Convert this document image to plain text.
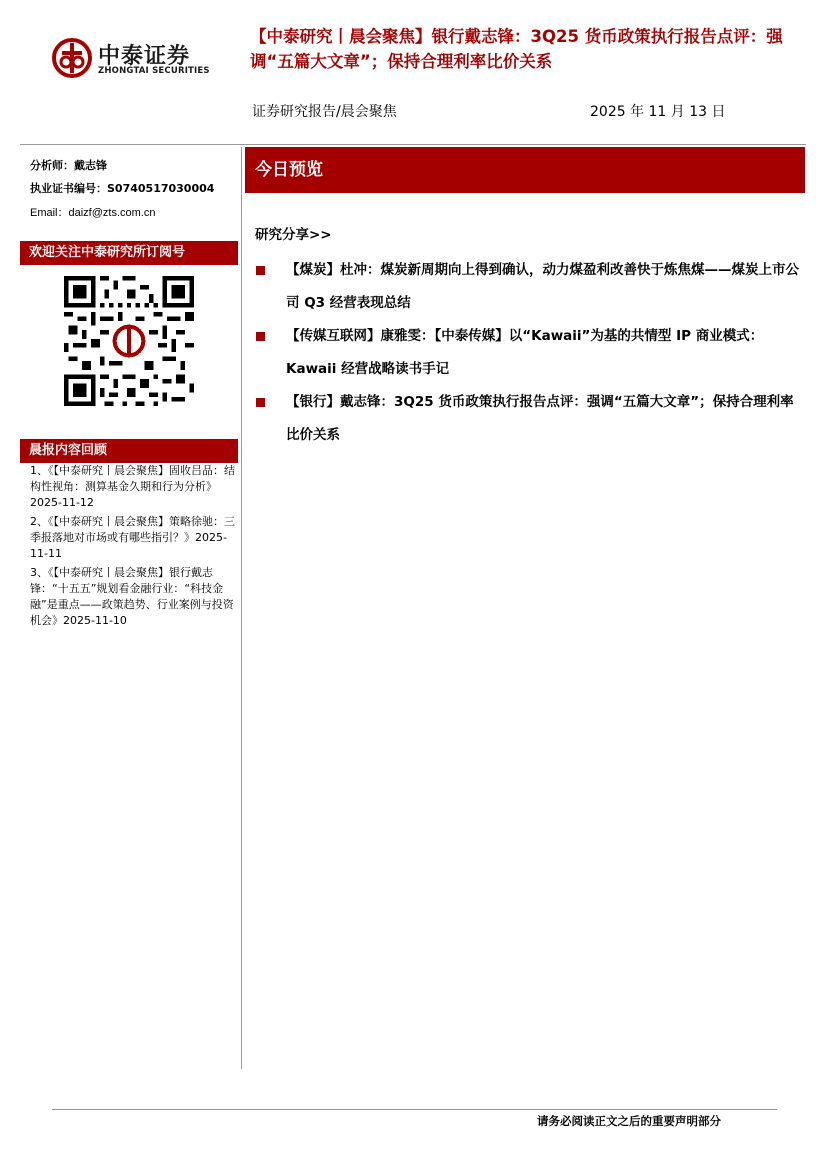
中泰证券
ZHONGTAI SECURITIES
【中泰研究丨晨会聚焦】银行戴志锋：3Q25 货币政策执行报告点评：强调“五篇大文章”；保持合理利率比价关系
证券研究报告/晨会聚焦	2025 年 11 月 13 日
分析师：戴志锋
执业证书编号：S0740517030004
Email：daizf@zts.com.cn
欢迎关注中泰研究所订阅号
晨报内容回顾
1、《【中泰研究丨晨会聚焦】固收吕品：结构性视角：测算基金久期和行为分析》2025-11-12
2、《【中泰研究丨晨会聚焦】策略徐驰：三季报落地对市场或有哪些指引？》2025-11-11
3、《【中泰研究丨晨会聚焦】银行戴志锋：“十五五”规划看金融行业：“科技金融”是重点——政策趋势、行业案例与投资机会》2025-11-10
今日预览
研究分享>>
【煤炭】杜冲：煤炭新周期向上得到确认，动力煤盈利改善快于炼焦煤——煤炭上市公司 Q3 经营表现总结
【传媒互联网】康雅雯：【中泰传媒】以“Kawaii”为基的共情型 IP 商业模式：Kawaii 经营战略读书手记
【银行】戴志锋：3Q25 货币政策执行报告点评：强调“五篇大文章”；保持合理利率比价关系
请务必阅读正文之后的重要声明部分
